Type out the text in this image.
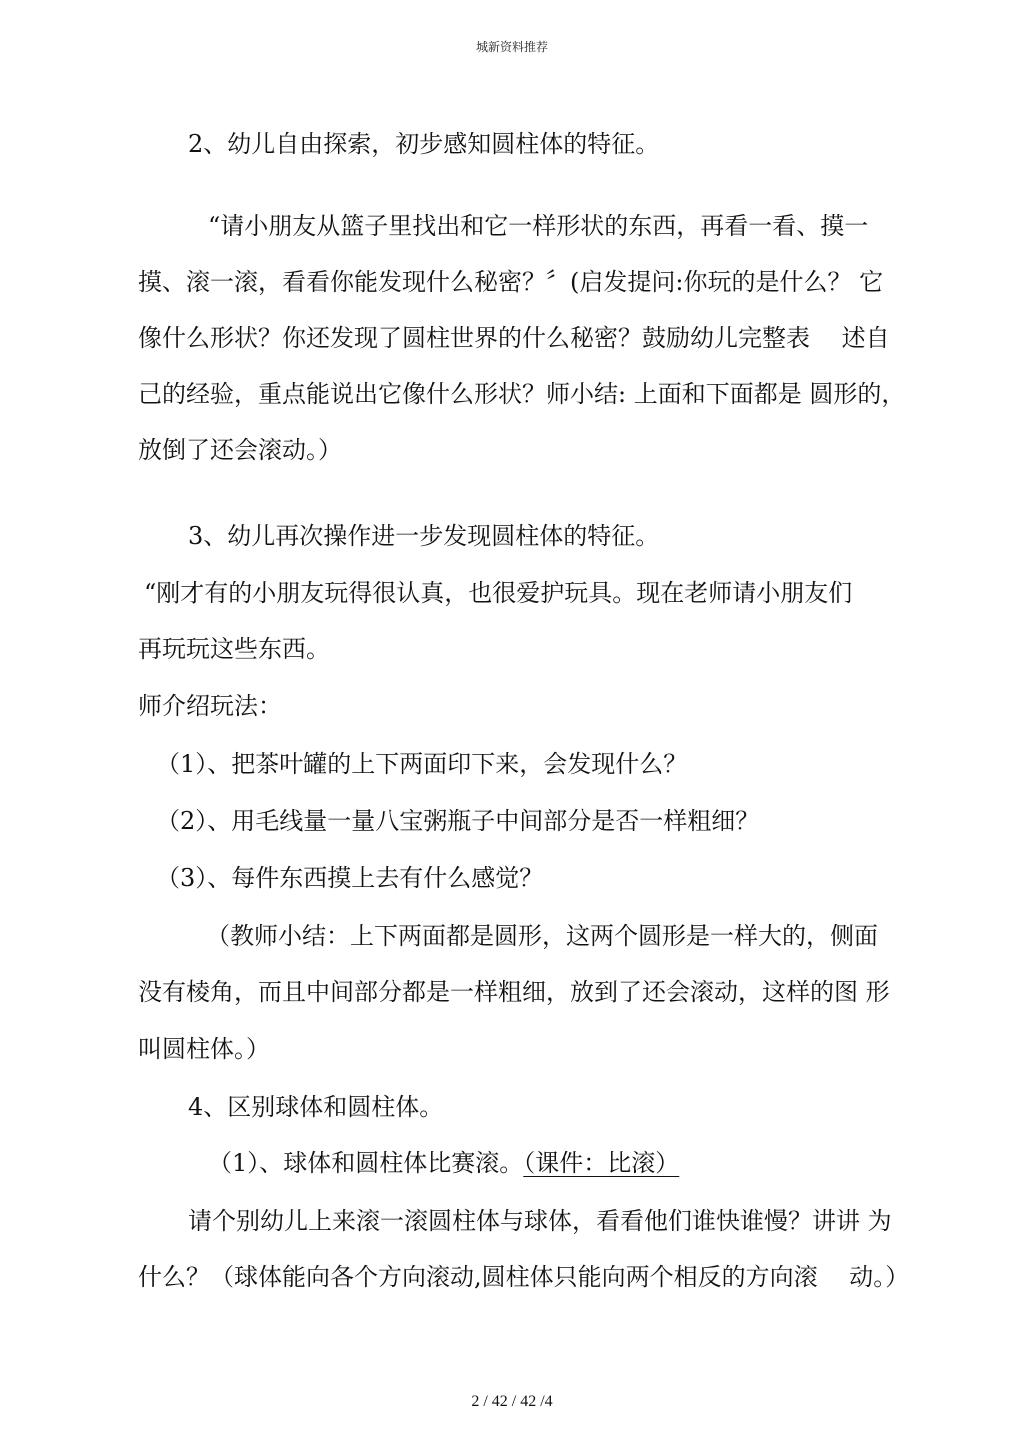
城新资料推荐
2、幼儿自由探索，初步感知圆柱体的特征。
“请小朋友从篮子里找出和它一样形状的东西，再看一看、摸一
摸、滚一滚，看看你能发现什么秘密？〞(启发提问:你玩的是什么？ 它
像什么形状？你还发现了圆柱世界的什么秘密？鼓励幼儿完整表　 述自
己的经验，重点能说出它像什么形状？师小结: 上面和下面都是 圆形的，
放倒了还会滚动。）
3、幼儿再次操作进一步发现圆柱体的特征。
“刚才有的小朋友玩得很认真，也很爱护玩具。现在老师请小朋友们
再玩玩这些东西。
师介绍玩法：
（1）、把茶叶罐的上下两面印下来，会发现什么？
（2）、用毛线量一量八宝粥瓶子中间部分是否一样粗细？
（3）、每件东西摸上去有什么感觉？
（教师小结：上下两面都是圆形，这两个圆形是一样大的，侧面
没有棱角，而且中间部分都是一样粗细，放到了还会滚动，这样的图 形
叫圆柱体。）
4、区别球体和圆柱体。
（1）、球体和圆柱体比赛滚。（课件：比滚）
请个别幼儿上来滚一滚圆柱体与球体，看看他们谁快谁慢？讲讲 为
什么？（球体能向各个方向滚动,圆柱体只能向两个相反的方向滚　 动。）
2 / 42 / 42 /4
